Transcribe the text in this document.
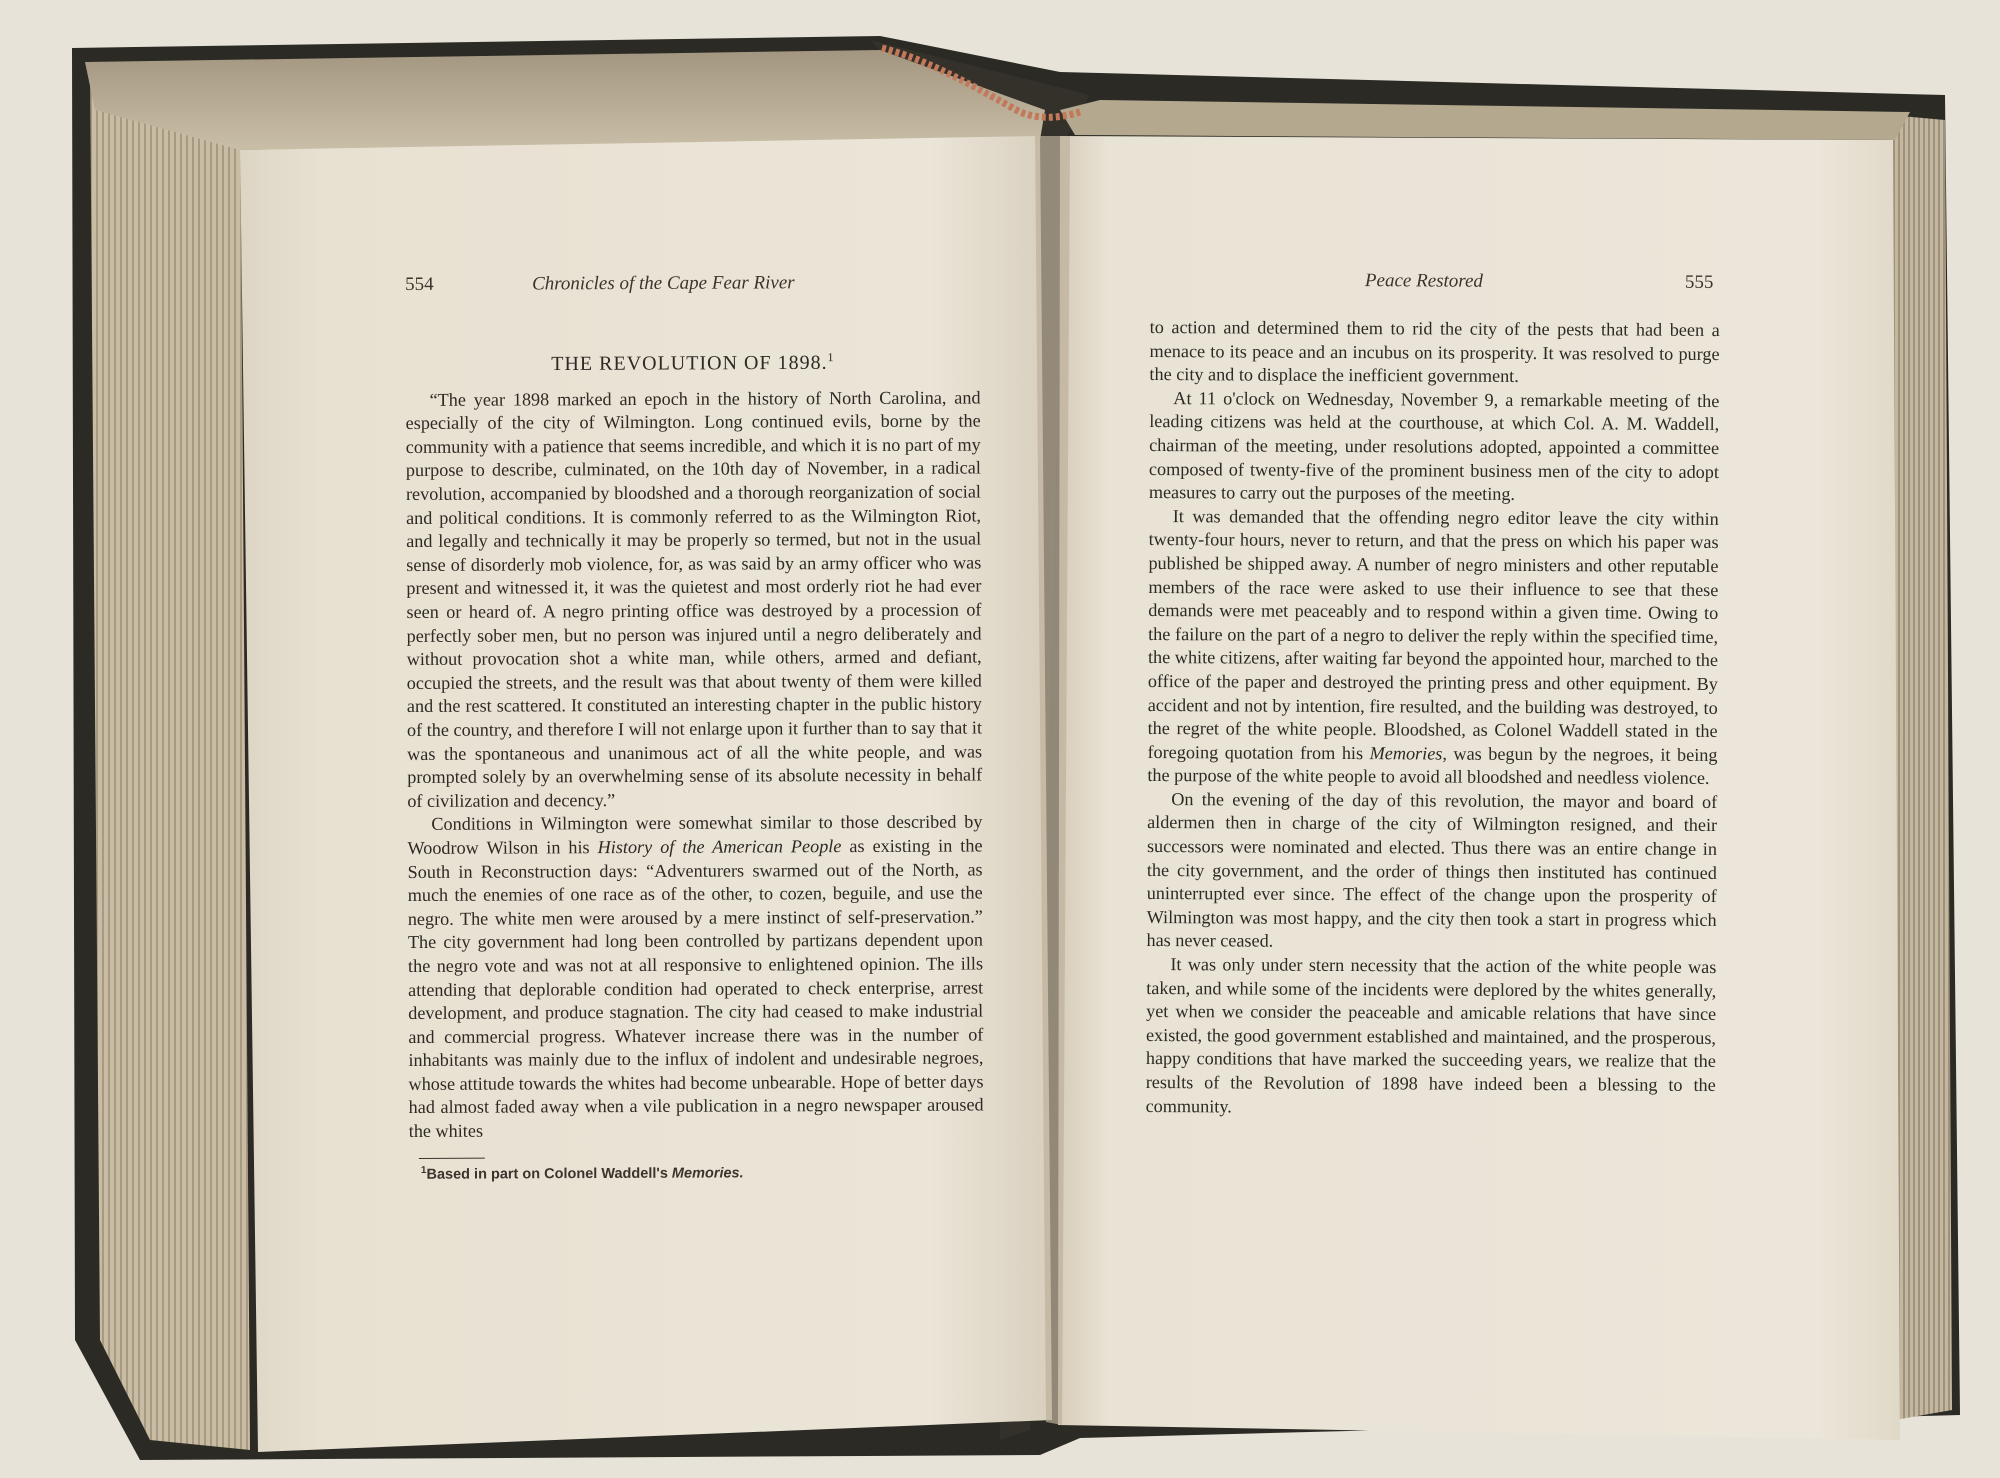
554	Chronicles of the Cape Fear River
THE REVOLUTION OF 1898.$^1$

“The year 1898 marked an epoch in the history of North Carolina, and especially of the city of Wilmington. Long continued evils, borne by the community with a patience that seems incredible, and which it is no part of my purpose to describe, culminated, on the 10th day of November, in a radical revolution, accompanied by bloodshed and a thorough reorganization of social and political conditions. It is commonly referred to as the Wilmington Riot, and legally and technically it may be properly so termed, but not in the usual sense of disorderly mob violence, for, as was said by an army officer who was present and witnessed it, it was the quietest and most orderly riot he had ever seen or heard of. A negro printing office was destroyed by a procession of perfectly sober men, but no person was injured until a negro deliberately and without provocation shot a white man, while others, armed and defiant, occupied the streets, and the result was that about twenty of them were killed and the rest scattered. It constituted an interesting chapter in the public history of the country, and therefore I will not enlarge upon it further than to say that it was the spontaneous and unanimous act of all the white people, and was prompted solely by an overwhelming sense of its absolute necessity in behalf of civilization and decency.”

Conditions in Wilmington were somewhat similar to those described by Woodrow Wilson in his History of the American People as existing in the South in Reconstruction days: “Adventurers swarmed out of the North, as much the enemies of one race as of the other, to cozen, beguile, and use the negro. The white men were aroused by a mere instinct of self-preservation.” The city government had long been controlled by partizans dependent upon the negro vote and was not at all responsive to enlightened opinion. The ills attending that deplorable condition had operated to check enterprise, arrest development, and produce stagnation. The city had ceased to make industrial and commercial progress. Whatever increase there was in the number of inhabitants was mainly due to the influx of indolent and undesirable negroes, whose attitude towards the whites had become unbearable. Hope of better days had almost faded away when a vile publication in a negro newspaper aroused the whites

$^1$Based in part on Colonel Waddell's Memories.
Peace Restored	555

to action and determined them to rid the city of the pests that had been a menace to its peace and an incubus on its prosperity. It was resolved to purge the city and to displace the inefficient government.

At 11 o'clock on Wednesday, November 9, a remarkable meeting of the leading citizens was held at the courthouse, at which Col. A. M. Waddell, chairman of the meeting, under resolutions adopted, appointed a committee composed of twenty-five of the prominent business men of the city to adopt measures to carry out the purposes of the meeting.

It was demanded that the offending negro editor leave the city within twenty-four hours, never to return, and that the press on which his paper was published be shipped away. A number of negro ministers and other reputable members of the race were asked to use their influence to see that these demands were met peaceably and to respond within a given time. Owing to the failure on the part of a negro to deliver the reply within the specified time, the white citizens, after waiting far beyond the appointed hour, marched to the office of the paper and destroyed the printing press and other equipment. By accident and not by intention, fire resulted, and the building was destroyed, to the regret of the white people. Bloodshed, as Colonel Waddell stated in the foregoing quotation from his Memories, was begun by the negroes, it being the purpose of the white people to avoid all bloodshed and needless violence.

On the evening of the day of this revolution, the mayor and board of aldermen then in charge of the city of Wilmington resigned, and their successors were nominated and elected. Thus there was an entire change in the city government, and the order of things then instituted has continued uninterrupted ever since. The effect of the change upon the prosperity of Wilmington was most happy, and the city then took a start in progress which has never ceased.

It was only under stern necessity that the action of the white people was taken, and while some of the incidents were deplored by the whites generally, yet when we consider the peaceable and amicable relations that have since existed, the good government established and maintained, and the prosperous, happy conditions that have marked the succeeding years, we realize that the results of the Revolution of 1898 have indeed been a blessing to the community.
